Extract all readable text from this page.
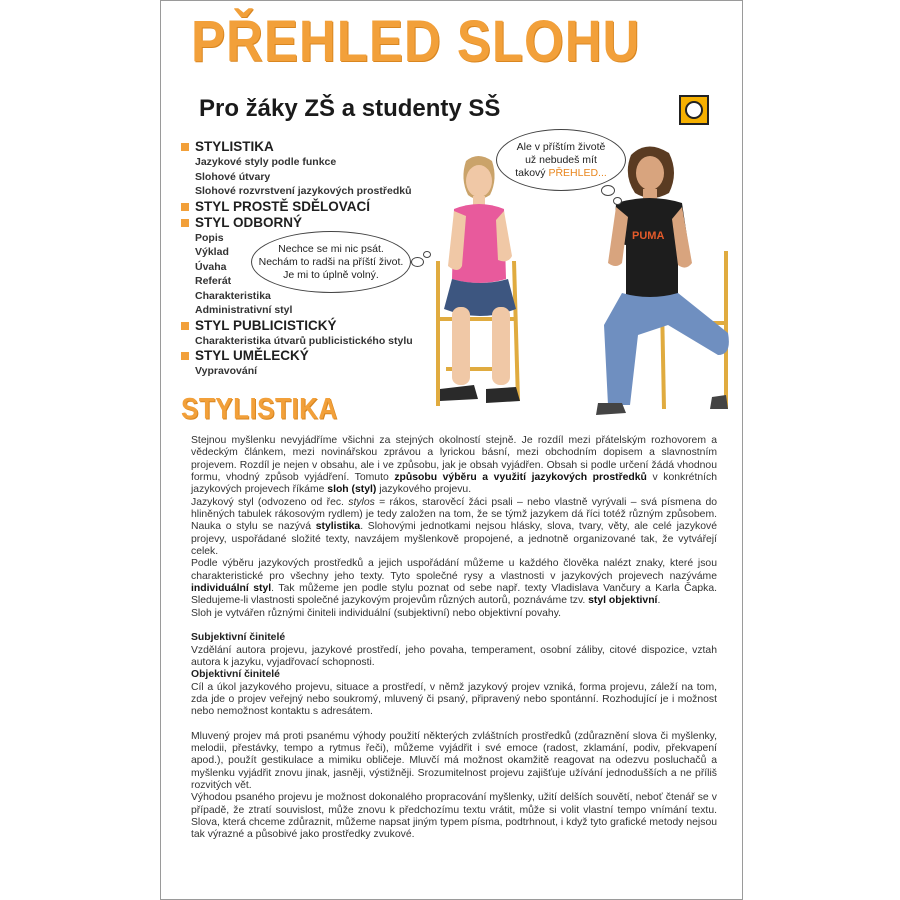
PŘEHLED SLOHU
Pro žáky ZŠ a studenty SŠ
STYLISTIKA
Jazykové styly podle funkce
Slohové útvary
Slohové rozvrstvení jazykových prostředků
STYL PROSTĚ SDĚLOVACÍ
STYL ODBORNÝ
Popis
Výklad
Úvaha
Referát
Charakteristika
Administrativní styl
STYL PUBLICISTICKÝ
Charakteristika útvarů publicistického stylu
STYL UMĚLECKÝ
Vypravování
PUMA
Ale v příštím životě
už nebudeš mít
takový PŘEHLED...
Nechce se mi nic psát.
Nechám to radši na příští život.
Je mi to úplně volný.
STYLISTIKA

Stejnou myšlenku nevyjádříme všichni za stejných okolností stejně. Je rozdíl mezi přátelským rozhovorem a vědeckým článkem, mezi novinářskou zprávou a lyrickou básní, mezi obchodním dopisem a slavnostním projevem. Rozdíl je nejen v obsahu, ale i ve způsobu, jak je obsah vyjádřen. Obsah si podle určení žádá vhodnou formu, vhodný způsob vyjádření. Tomuto způsobu výběru a využití jazykových prostředků v konkrétních jazykových projevech říkáme sloh (styl) jazykového projevu.

Jazykový styl (odvozeno od řec. stylos = rákos, starověcí žáci psali – nebo vlastně vyrývali – svá písmena do hliněných tabulek rákosovým rydlem) je tedy založen na tom, že se týmž jazykem dá říci totéž různým způsobem. Nauka o stylu se nazývá stylistika. Slohovými jednotkami nejsou hlásky, slova, tvary, věty, ale celé jazykové projevy, uspořádané složité texty, navzájem myšlenkově propojené, a jednotně organizované tak, že vytvářejí celek.

Podle výběru jazykových prostředků a jejich uspořádání můžeme u každého člověka nalézt znaky, které jsou charakteristické pro všechny jeho texty. Tyto společné rysy a vlastnosti v jazykových projevech nazýváme individuální styl. Tak můžeme jen podle stylu poznat od sebe např. texty Vladislava Vančury a Karla Čapka. Sledujeme-li vlastnosti společné jazykovým projevům různých autorů, poznáváme tzv. styl objektivní.

Sloh je vytvářen různými činiteli individuální (subjektivní) nebo objektivní povahy.

Subjektivní činitelé

Vzdělání autora projevu, jazykové prostředí, jeho povaha, temperament, osobní záliby, citové dispozice, vztah autora k jazyku, vyjadřovací schopnosti.

Objektivní činitelé

Cíl a úkol jazykového projevu, situace a prostředí, v němž jazykový projev vzniká, forma projevu, záleží na tom, zda jde o projev veřejný nebo soukromý, mluvený či psaný, připravený nebo spontánní. Rozhodující je i možnost nebo nemožnost kontaktu s adresátem.

Mluvený projev má proti psanému výhody použití některých zvláštních prostředků (zdůraznění slova či myšlenky, melodii, přestávky, tempo a rytmus řeči), můžeme vyjádřit i své emoce (radost, zklamání, podiv, překvapení apod.), použít gestikulace a mimiku obličeje. Mluvčí má možnost okamžitě reagovat na odezvu posluchačů a myšlenku vyjádřit znovu jinak, jasněji, výstižněji. Srozumitelnost projevu zajišťuje užívání jednodušších a ne příliš rozvitých vět.

Výhodou psaného projevu je možnost dokonalého propracování myšlenky, užití delších souvětí, neboť čtenář se v případě, že ztratí souvislost, může znovu k předchozímu textu vrátit, může si volit vlastní tempo vnímání textu. Slova, která chceme zdůraznit, můžeme napsat jiným typem písma, podtrhnout, i když tyto grafické metody nejsou tak výrazné a působivé jako prostředky zvukové.
